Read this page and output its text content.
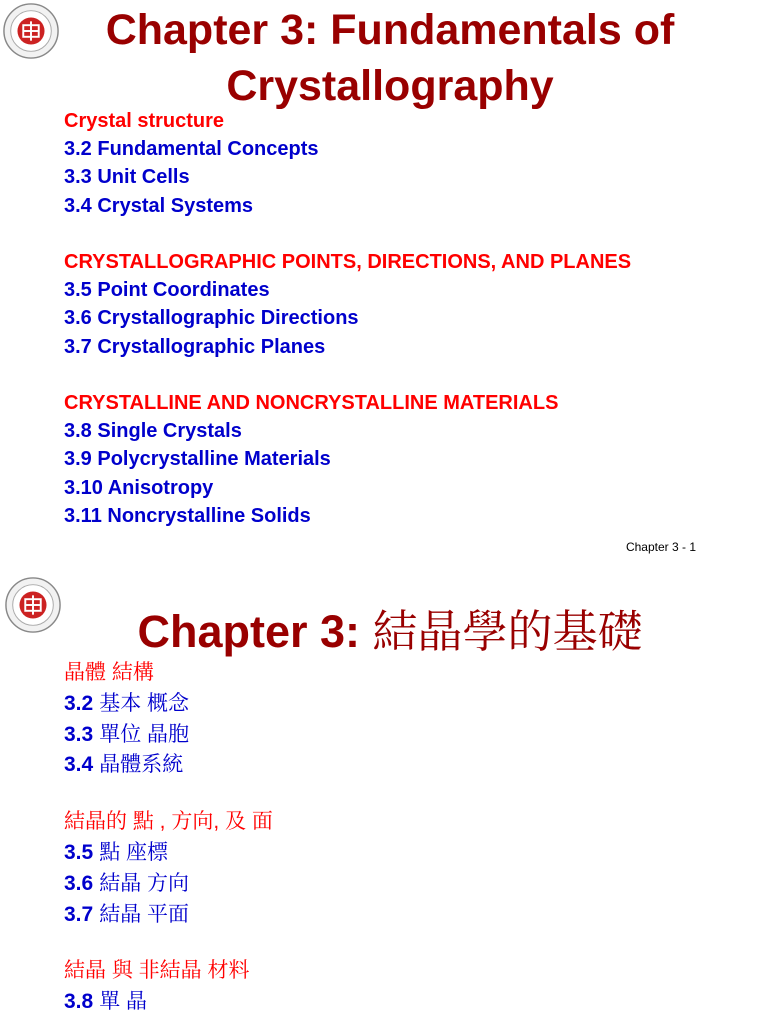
Chapter 3: Fundamentals of
Crystallography
Crystal structure
3.2 Fundamental Concepts
3.3 Unit Cells
3.4 Crystal Systems
CRYSTALLOGRAPHIC POINTS, DIRECTIONS, AND PLANES
3.5 Point Coordinates
3.6 Crystallographic Directions
3.7 Crystallographic Planes
CRYSTALLINE AND NONCRYSTALLINE MATERIALS
3.8 Single Crystals
3.9 Polycrystalline Materials
3.10 Anisotropy
3.11 Noncrystalline Solids
Chapter 3 - 1
Chapter 3: 結晶學的基礎
晶體 結構
3.2 基本 概念
3.3 單位 晶胞
3.4 晶體系統
結晶的 點 , 方向, 及 面
3.5 點 座標
3.6 結晶 方向
3.7 結晶 平面
結晶 與 非結晶 材料
3.8 單 晶
